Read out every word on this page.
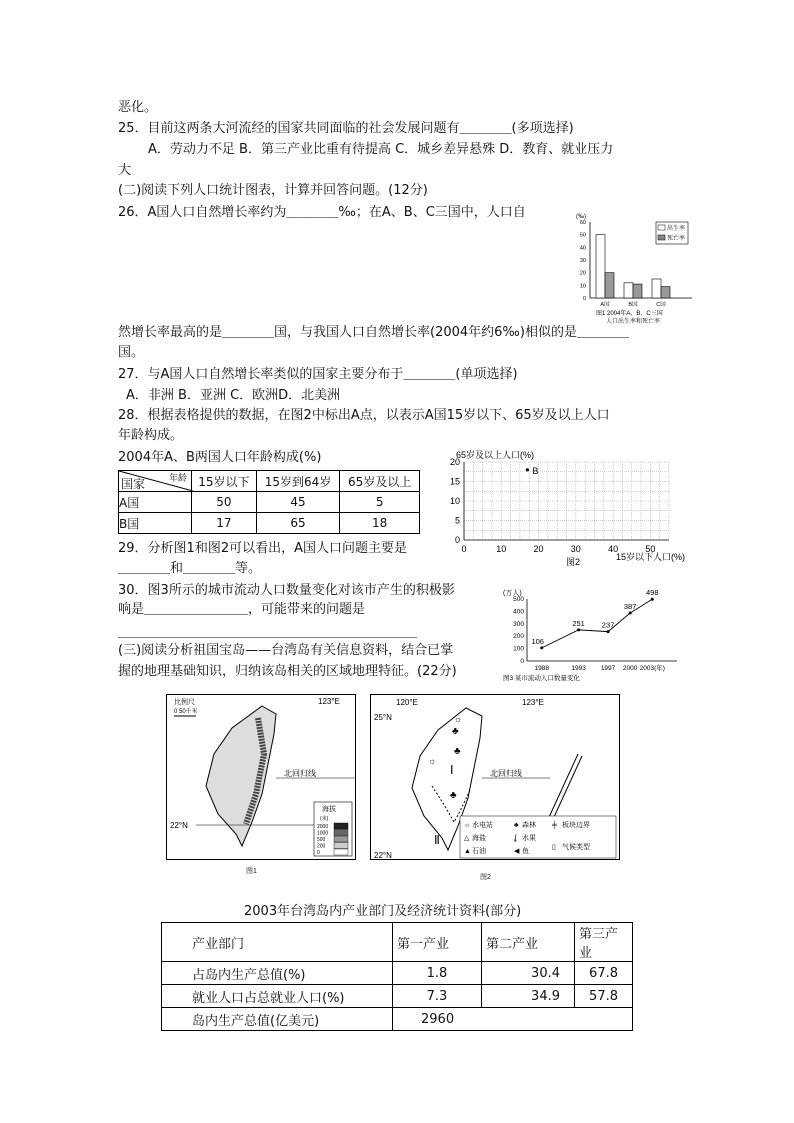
恶化。
25．目前这两条大河流经的国家共同面临的社会发展问题有＿＿＿＿(多项选择)
A．劳动力不足 B．第三产业比重有待提高 C．城乡差异悬殊 D．教育、就业压力
大
(二)阅读下列人口统计图表，计算并回答问题。(12分)
26．A国人口自然增长率约为＿＿＿＿‰；在A、B、C三国中，人口自
然增长率最高的是＿＿＿＿国，与我国人口自然增长率(2004年约6‰)相似的是＿＿＿＿
国。
27．与A国人口自然增长率类似的国家主要分布于＿＿＿＿(单项选择)
A．非洲 B．亚洲 C．欧洲D．北美洲
28．根据表格提供的数据，在图2中标出A点，以表示A国15岁以下、65岁及以上人口
年龄构成。
2004年A、B两国人口年龄构成(%)
29．分析图1和图2可以看出，A国人口问题主要是
＿＿＿＿和＿＿＿＿等。
30．图3所示的城市流动人口数量变化对该市产生的积极影
响是＿＿＿＿＿＿＿＿，可能带来的问题是
＿＿＿＿＿＿＿＿＿＿＿＿＿＿＿＿＿＿＿＿＿＿＿
(三)阅读分析祖国宝岛——台湾岛有关信息资料，结合已掌
握的地理基础知识，归纳该岛相关的区域地理特征。(22分)
国家 年龄	15岁以下	15岁到64岁	65岁及以上
A国	50	45	5
B国	17	65	18
(‰)
60
50
40
30
20
10
0
出生率
死亡率
A国	B国	C国
图1 2004年A、B、C三国
人口出生率和死亡率
65岁及以上人口(%)
20
15
10
5
0
0	10	20	30	40	50
B
15岁以下人口(%)
图2
(万人)
500
400
300
200
100
0
1988	1993 1997 2000 2003(年)
106
251 237
387
498
图3 某市流动人口数量变化
比例尺
0 50千米
123°E
北回归线
海拔
(米)
2000
1000
500
200
0
22°N
图1
120°E	123°E
25°N
Ⅰ
Ⅱ
♣
♣
♣
☼
☼
北回归线
22°N
☼ 水电站	♣ 森林 ╪ 板块边界
△ 海盐	ʆ 水果
▲ 石油	◀ 鱼
▯ 气候类型
图2
2003年台湾岛内产业部门及经济统计资料(部分)
产业部门	第一产业	第二产业	第三产业
占岛内生产总值(%)	1.8	30.4	67.8
就业人口占总就业人口(%)	7.3	34.9	57.8
岛内生产总值(亿美元)	2960		
